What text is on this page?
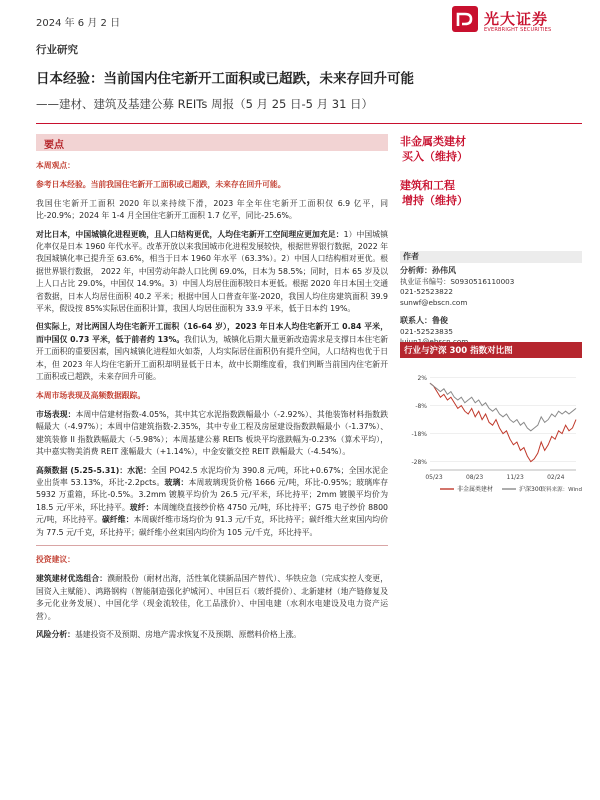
2024 年 6 月 2 日	光大证券
EVERBRIGHT SECURITIES
行业研究
日本经验：当前国内住宅新开工面积或已超跌，未来存回升可能
——建材、建筑及基建公募 REITs 周报（5 月 25 日-5 月 31 日）
要点
本周观点：

参考日本经验。当前我国住宅新开工面积或已超跌，未来存在回升可能。

我国住宅新开工面积 2020 年以来持续下滑，2023 年全年住宅新开工面积仅 6.9 亿平，同比-20.9%；2024 年 1-4 月全国住宅新开工面积 1.7 亿平，同比-25.6%。

对比日本，中国城镇化进程更晚，且人口结构更优，人均住宅新开工空间理应更加充足：1）中国城镇化率仅是日本 1960 年代水平。改革开放以来我国城市化进程发展较快，根据世界银行数据，2022 年我国城镇化率已提升至 63.6%，相当于日本 1960 年水平（63.3%）。2）中国人口结构相对更优。根据世界银行数据， 2022 年，中国劳动年龄人口比例 69.0%，日本为 58.5%；同时，日本 65 岁及以上人口占比 29.0%，中国仅 14.9%。3）中国人均居住面积较日本更低。根据 2020 年日本国土交通省数据，日本人均居住面积 40.2 平米；根据中国人口普查年鉴-2020，我国人均住房建筑面积 39.9 平米，假设按 85%实际居住面积计算，我国人均居住面积为 33.9 平米，低于日本约 19%。

但实际上，对比两国人均住宅新开工面积（16-64 岁），2023 年日本人均住宅新开工 0.84 平米，而中国仅 0.73 平米，低于前者约 13%。我们认为，城镇化后期大量更新改造需求是支撑日本住宅新开工面积的重要因素，国内城镇化进程如火如荼，人均实际居住面积仍有提升空间，人口结构也优于日本，但 2023 年人均住宅新开工面积却明显低于日本，故中长期维度看，我们判断当前国内住宅新开工面积或已超跌，未来存回升可能。

本周市场表现及高频数据跟踪。

市场表现：本周中信建材指数-4.05%，其中其它水泥指数跌幅最小（-2.92%）、其他装饰材料指数跌幅最大（-4.97%）；本周中信建筑指数-2.35%，其中专业工程及房屋建设指数跌幅最小（-1.37%）、建筑装修 II 指数跌幅最大（-5.98%）；本周基建公募 REITs 板块平均涨跌幅为-0.23%（算术平均），其中嘉实物美消费 REIT 涨幅最大（+1.14%），中金安徽交控 REIT 跌幅最大（-4.54%）。

高频数据 (5.25-5.31)：水泥：全国 PO42.5 水泥均价为 390.8 元/吨，环比+0.67%；全国水泥企业出货率 53.13%，环比-2.2pcts。玻璃：本周玻璃现货价格 1666 元/吨，环比-0.95%；玻璃库存 5932 万重箱，环比-0.5%。3.2mm 镀膜平均价为 26.5 元/平米，环比持平；2mm 镀膜平均价为 18.5 元/平米，环比持平。玻纤：本周缠绕直接纱价格 4750 元/吨，环比持平；G75 电子纱价 8800 元/吨，环比持平。碳纤维：本周碳纤维市场均价为 91.3 元/千克，环比持平；碳纤维大丝束国内均价为 77.5 元/千克，环比持平；碳纤维小丝束国内均价为 105 元/千克，环比持平。

投资建议：

建筑建材优选组合：濮耐股份（耐材出海，活性氧化镁新品国产替代）、华铁应急（完成实控人变更，国资入主赋能）、鸿路钢构（智能制造强化护城河）、中国巨石（玻纤提价）、北新建材（地产链修复及多元化业务发展）、中国化学（现金流较佳，化工品涨价）、中国电建（水利水电建设及电力资产运营）。

风险分析：基建投资不及预期、房地产需求恢复不及预期、原燃料价格上涨。

非金属类建材
买入（维持）
建筑和工程
增持（维持）
作者
分析师：孙伟风
执业证书编号：S0930516110003
021-52523822
sunwf@ebscn.com
联系人：鲁俊
021-52523835
行业与沪深 300 指数对比图
2%
-8%
-18%
-28%
05/23	08/23	11/23	02/24
非金属类建材	沪深300
资料来源：Wind
